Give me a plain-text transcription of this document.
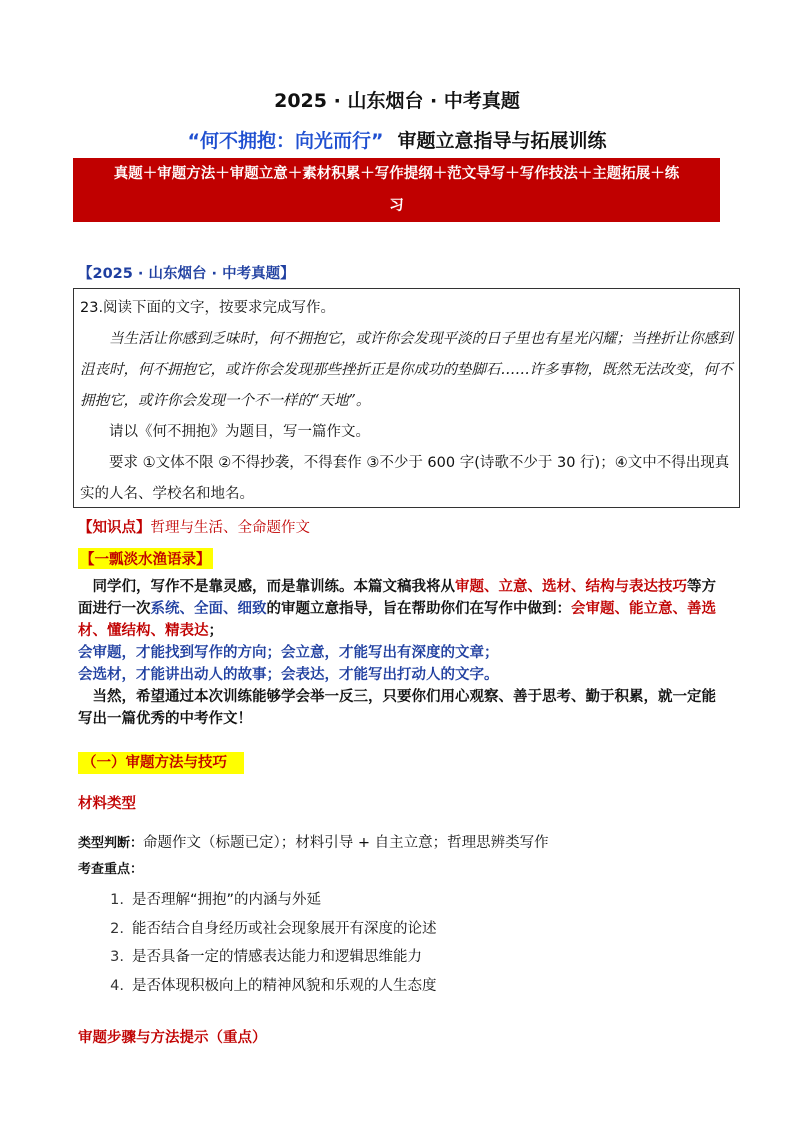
2025 · 山东烟台 · 中考真题
“何不拥抱：向光而行” 审题立意指导与拓展训练
真题＋审题方法＋审题立意＋素材积累＋写作提纲＋范文导写＋写作技法＋主题拓展＋练
习
【2025 · 山东烟台 · 中考真题】

23.阅读下面的文字，按要求完成写作。

当生活让你感到乏味时，何不拥抱它，或许你会发现平淡的日子里也有星光闪耀；当挫折让你感到沮丧时，何不拥抱它，或许你会发现那些挫折正是你成功的垫脚石……许多事物，既然无法改变，何不拥抱它，或许你会发现一个不一样的“天地”。

请以《何不拥抱》为题目，写一篇作文。

要求 ①文体不限 ②不得抄袭，不得套作 ③不少于 600 字(诗歌不少于 30 行)；④文中不得出现真实的人名、学校名和地名。

【知识点】哲理与生活、全命题作文
【一瓢淡水渔语录】

同学们，写作不是靠灵感，而是靠训练。本篇文稿我将从审题、立意、选材、结构与表达技巧等方面进行一次系统、全面、细致的审题立意指导，旨在帮助你们在写作中做到：会审题、能立意、善选材、懂结构、精表达；

会审题，才能找到写作的方向；会立意，才能写出有深度的文章；

会选材，才能讲出动人的故事；会表达，才能写出打动人的文字。

当然，希望通过本次训练能够学会举一反三，只要你们用心观察、善于思考、勤于积累，就一定能写出一篇优秀的中考作文！

（一）审题方法与技巧
材料类型
类型判断：命题作文（标题已定）；材料引导 + 自主立意；哲理思辨类写作
考查重点：
1. 是否理解“拥抱”的内涵与外延
2. 能否结合自身经历或社会现象展开有深度的论述
3. 是否具备一定的情感表达能力和逻辑思维能力
4. 是否体现积极向上的精神风貌和乐观的人生态度
审题步骤与方法提示（重点）
